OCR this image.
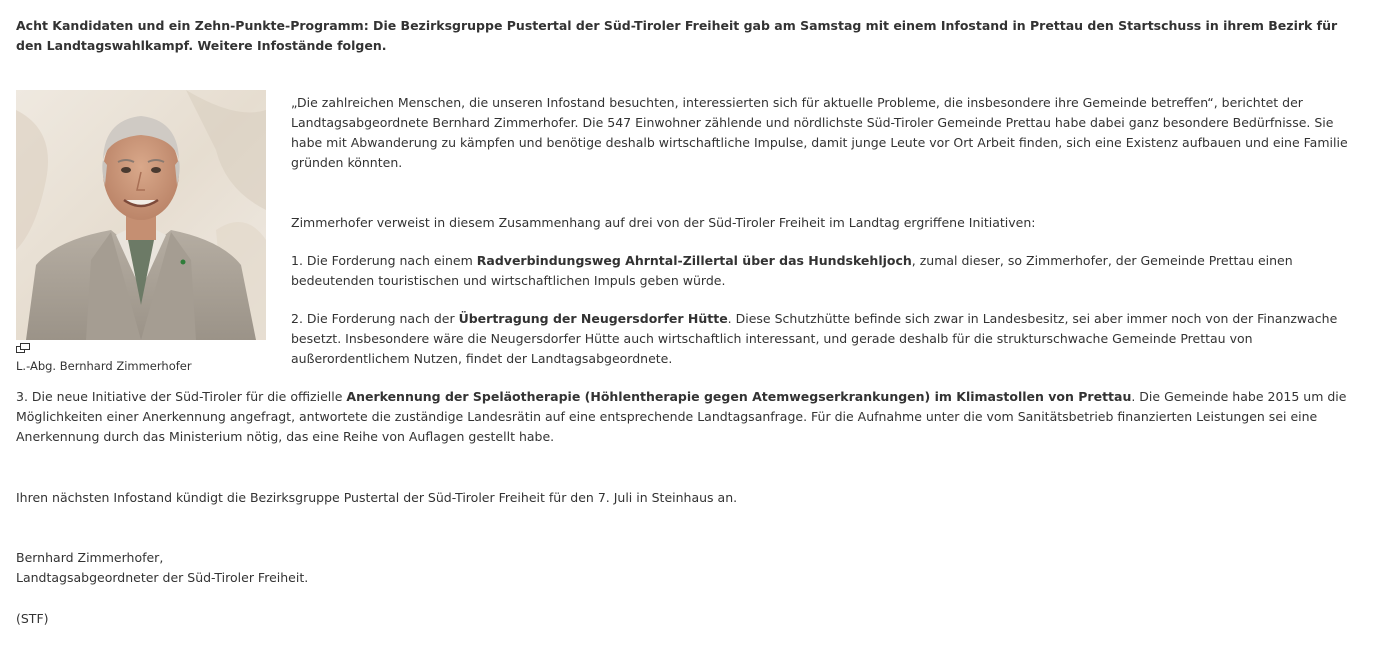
Acht Kandidaten und ein Zehn-Punkte-Programm: Die Bezirksgruppe Pustertal der Süd-Tiroler Freiheit gab am Samstag mit einem Infostand in Prettau den Startschuss in ihrem Bezirk für den Landtagswahlkampf. Weitere Infostände folgen.

L.-Abg. Bernhard Zimmerhofer

„Die zahlreichen Menschen, die unseren Infostand besuchten, interessierten sich für aktuelle Probleme, die insbesondere ihre Gemeinde betreffen“, berichtet der Landtagsabgeordnete Bernhard Zimmerhofer. Die 547 Einwohner zählende und nördlichste Süd-Tiroler Gemeinde Prettau habe dabei ganz besondere Bedürfnisse. Sie habe mit Abwanderung zu kämpfen und benötige deshalb wirtschaftliche Impulse, damit junge Leute vor Ort Arbeit finden, sich eine Existenz aufbauen und eine Familie gründen könnten.

Zimmerhofer verweist in diesem Zusammenhang auf drei von der Süd-Tiroler Freiheit im Landtag ergriffene Initiativen:

1. Die Forderung nach einem Radverbindungsweg Ahrntal-Zillertal über das Hundskehljoch, zumal dieser, so Zimmerhofer, der Gemeinde Prettau einen bedeutenden touristischen und wirtschaftlichen Impuls geben würde.

2. Die Forderung nach der Übertragung der Neugersdorfer Hütte. Diese Schutzhütte befinde sich zwar in Landesbesitz, sei aber immer noch von der Finanzwache besetzt. Insbesondere wäre die Neugersdorfer Hütte auch wirtschaftlich interessant, und gerade deshalb für die strukturschwache Gemeinde Prettau von außerordentlichem Nutzen, findet der Landtagsabgeordnete.

3. Die neue Initiative der Süd-Tiroler für die offizielle Anerkennung der Speläotherapie (Höhlentherapie gegen Atemwegserkrankungen) im Klimastollen von Prettau. Die Gemeinde habe 2015 um die Möglichkeiten einer Anerkennung angefragt, antwortete die zuständige Landesrätin auf eine entsprechende Landtagsanfrage. Für die Aufnahme unter die vom Sanitätsbetrieb finanzierten Leistungen sei eine Anerkennung durch das Ministerium nötig, das eine Reihe von Auflagen gestellt habe.

Ihren nächsten Infostand kündigt die Bezirksgruppe Pustertal der Süd-Tiroler Freiheit für den 7. Juli in Steinhaus an.

Bernhard Zimmerhofer,

Landtagsabgeordneter der Süd-Tiroler Freiheit.

(STF)
